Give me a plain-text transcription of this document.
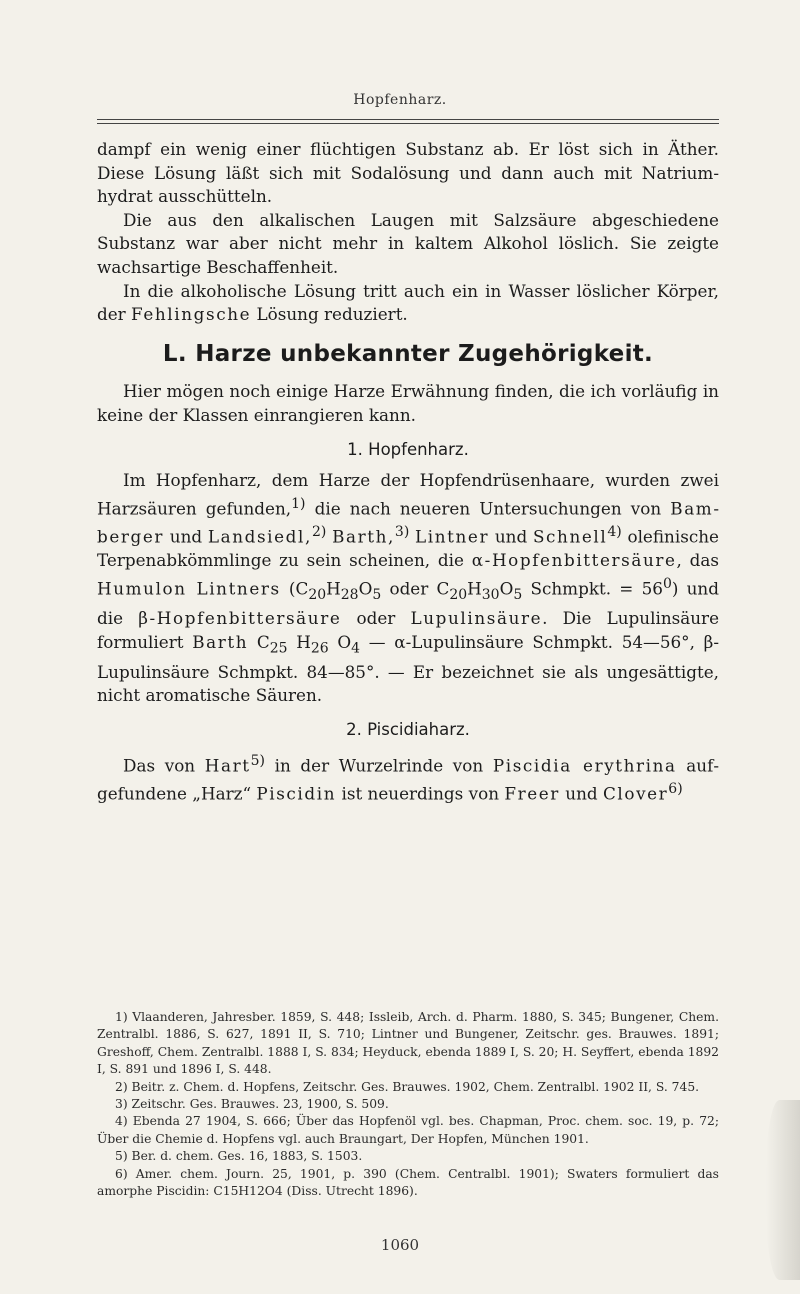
Hopfenharz.

dampf ein wenig einer flüchtigen Substanz ab. Er löst sich in Äther. Diese Lösung läßt sich mit Sodalösung und dann auch mit Natriumhydrat ausschütteln.

Die aus den alkalischen Laugen mit Salzsäure abgeschiedene Substanz war aber nicht mehr in kaltem Alkohol löslich. Sie zeigte wachsartige Beschaffenheit.

In die alkoholische Lösung tritt auch ein in Wasser löslicher Körper, der Fehlingsche Lösung reduziert.

L. Harze unbekannter Zugehörigkeit.

Hier mögen noch einige Harze Erwähnung finden, die ich vorläufig in keine der Klassen einrangieren kann.

1. Hopfenharz.

Im Hopfenharz, dem Harze der Hopfendrüsenhaare, wurden zwei Harzsäuren gefunden,$^{1)}$ die nach neueren Untersuchungen von Bamberger und Landsiedl,$^{2)}$ Barth,$^{3)}$ Lintner und Schnell$^{4)}$ olefinische Terpenabkömmlinge zu sein scheinen, die α-Hopfenbittersäure, das Humulon Lintners ($C_{20}H_{28}O_5$ oder $C_{20}H_{30}O_5$ Schmpkt. = $56^0$) und die β-Hopfenbittersäure oder Lupulinsäure. Die Lupulinsäure formuliert Barth $C_{25}$ $H_{26}$ $O_4$ — α-Lupulinsäure Schmpkt. 54—56°, β-Lupulinsäure Schmpkt. 84—85°. — Er bezeichnet sie als ungesättigte, nicht aromatische Säuren.

2. Piscidiaharz.

Das von Hart$^{5)}$ in der Wurzelrinde von Piscidia erythrina aufgefundene „Harz“ Piscidin ist neuerdings von Freer und Clover$^{6)}$

1) Vlaanderen, Jahresber. 1859, S. 448; Issleib, Arch. d. Pharm. 1880, S. 345; Bungener, Chem. Zentralbl. 1886, S. 627, 1891 II, S. 710; Lintner und Bungener, Zeitschr. ges. Brauwes. 1891; Greshoff, Chem. Zentralbl. 1888 I, S. 834; Heyduck, ebenda 1889 I, S. 20; H. Seyffert, ebenda 1892 I, S. 891 und 1896 I, S. 448.

2) Beitr. z. Chem. d. Hopfens, Zeitschr. Ges. Brauwes. 1902, Chem. Zentralbl. 1902 II, S. 745.

3) Zeitschr. Ges. Brauwes. 23, 1900, S. 509.

4) Ebenda 27 1904, S. 666; Über das Hopfenöl vgl. bes. Chapman, Proc. chem. soc. 19, p. 72; Über die Chemie d. Hopfens vgl. auch Braungart, Der Hopfen, München 1901.

5) Ber. d. chem. Ges. 16, 1883, S. 1503.

6) Amer. chem. Journ. 25, 1901, p. 390 (Chem. Centralbl. 1901); Swaters formuliert das amorphe Piscidin: C15H12O4 (Diss. Utrecht 1896).

1060
